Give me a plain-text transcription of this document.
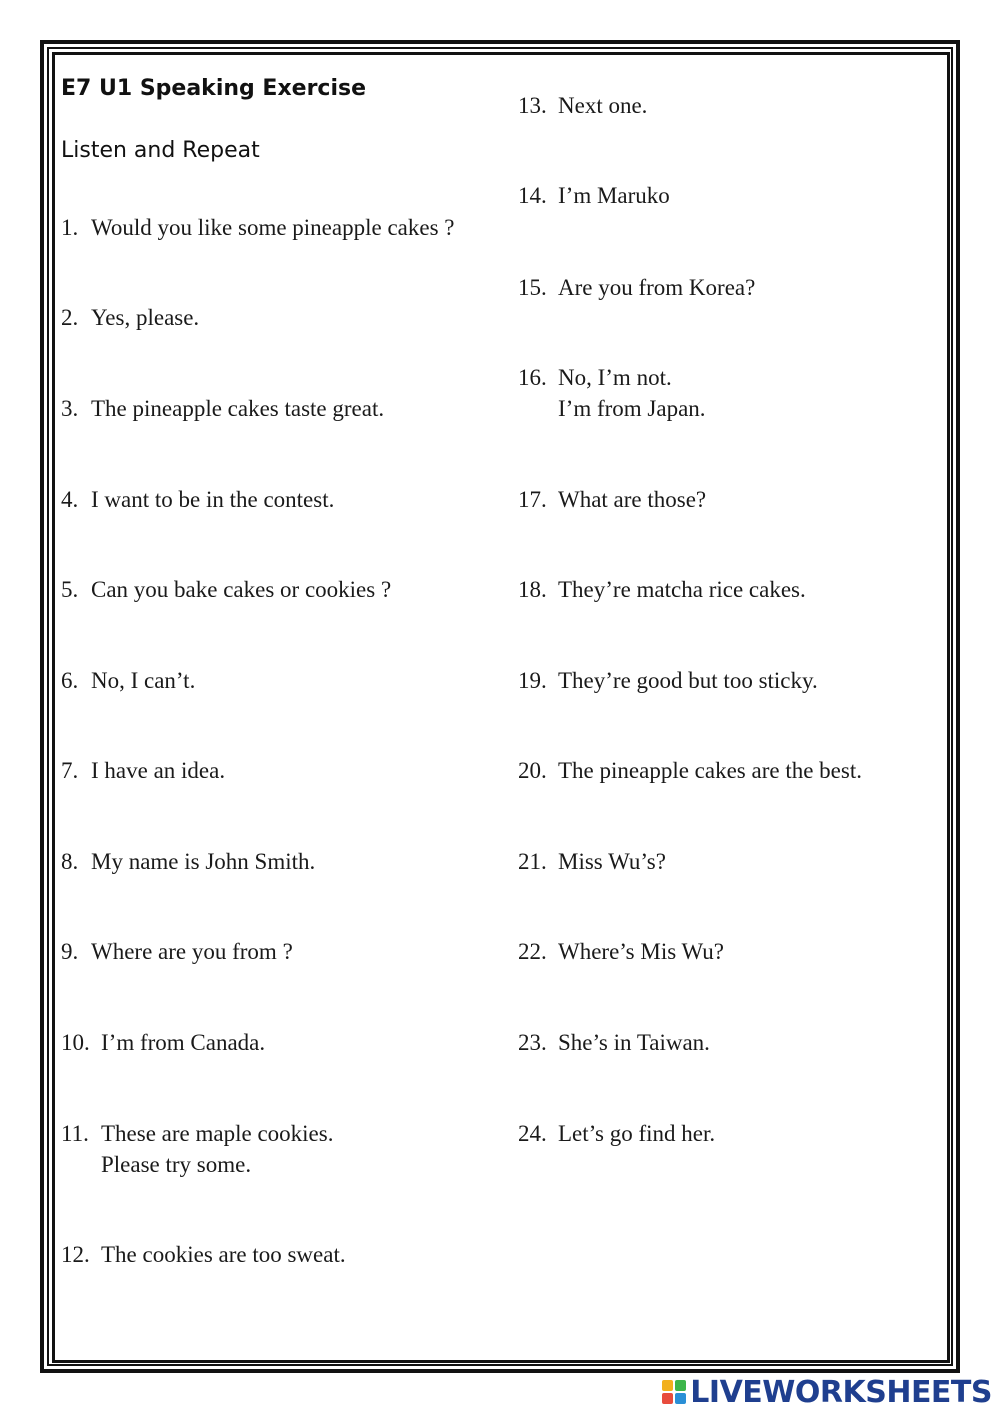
E7 U1 Speaking Exercise

Listen and Repeat

1. Would you like some pineapple cakes ?
2. Yes, please.
3. The pineapple cakes taste great.
4. I want to be in the contest.
5. Can you bake cakes or cookies ?
6. No, I can’t.
7. I have an idea.
8. My name is John Smith.
9. Where are you from ?
10. I’m from Canada.
11. These are maple cookies.
Please try some.
12. The cookies are too sweat.
13. Next one.
14. I’m Maruko
15. Are you from Korea?
16. No, I’m not.
I’m from Japan.
17. What are those?
18. They’re matcha rice cakes.
19. They’re good but too sticky.
20. The pineapple cakes are the best.
21. Miss Wu’s?
22. Where’s Mis Wu?
23. She’s in Taiwan.
24. Let’s go find her.
LIVEWORKSHEETS
